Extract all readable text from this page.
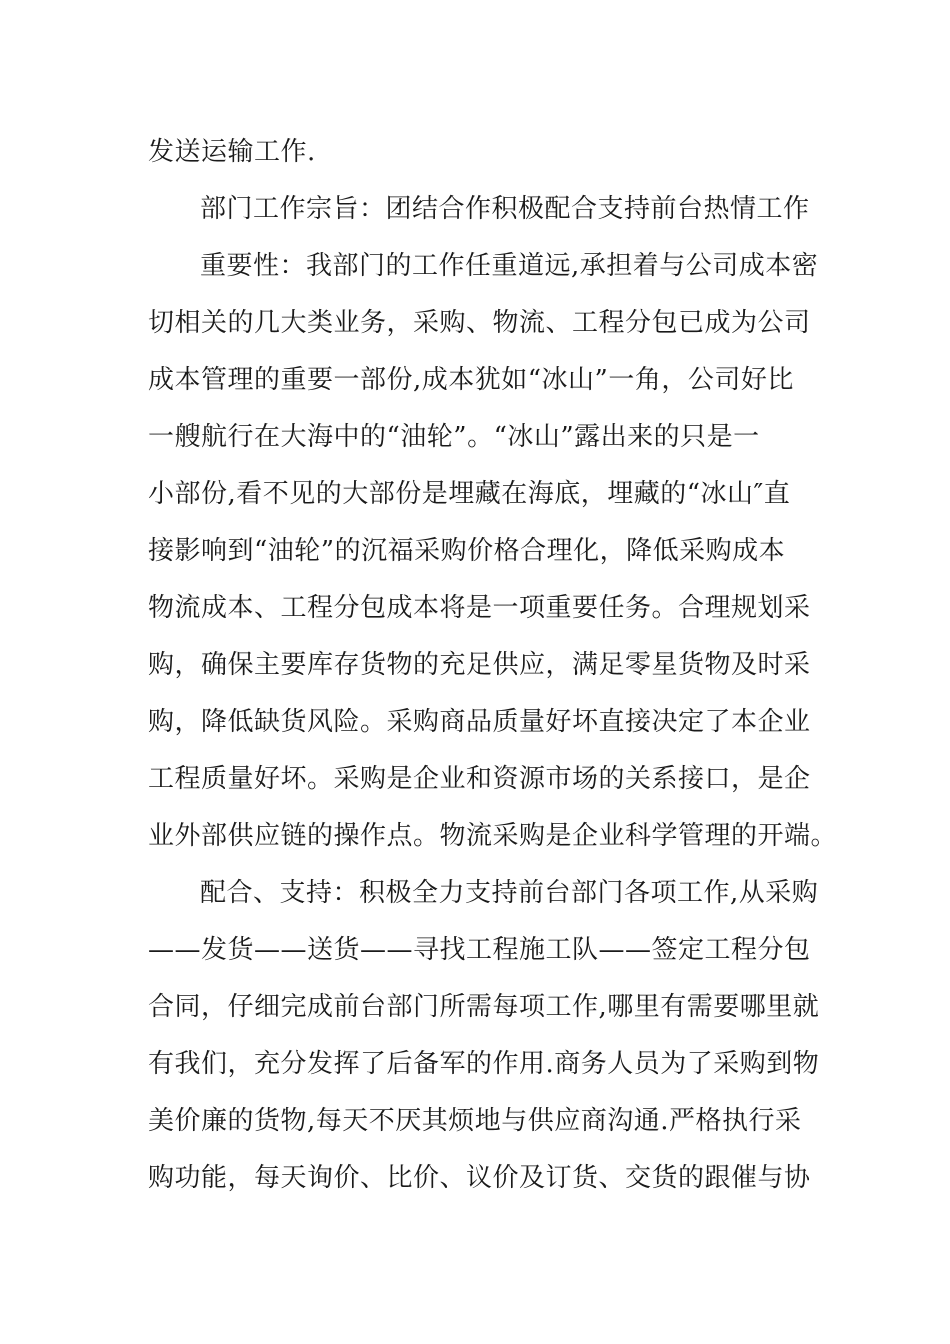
发送运输工作.
部门工作宗旨：团结合作积极配合支持前台热情工作
重要性：我部门的工作任重道远,承担着与公司成本密
切相关的几大类业务，采购、物流、工程分包已成为公司
成本管理的重要一部份,成本犹如“冰山”一角，公司好比
一艘航行在大海中的“油轮”。“冰山”露出来的只是一
小部份,看不见的大部份是埋藏在海底，埋藏的“冰山″直
接影响到“油轮”的沉福采购价格合理化，降低采购成本
物流成本、工程分包成本将是一项重要任务。合理规划采
购，确保主要库存货物的充足供应，满足零星货物及时采
购，降低缺货风险。采购商品质量好坏直接决定了本企业
工程质量好坏。采购是企业和资源市场的关系接口，是企
业外部供应链的操作点。物流采购是企业科学管理的开端。
配合、支持：积极全力支持前台部门各项工作,从采购
——发货——送货——寻找工程施工队——签定工程分包
合同，仔细完成前台部门所需每项工作,哪里有需要哪里就
有我们，充分发挥了后备军的作用.商务人员为了采购到物
美价廉的货物,每天不厌其烦地与供应商沟通.严格执行采
购功能，每天询价、比价、议价及订货、交货的跟催与协
